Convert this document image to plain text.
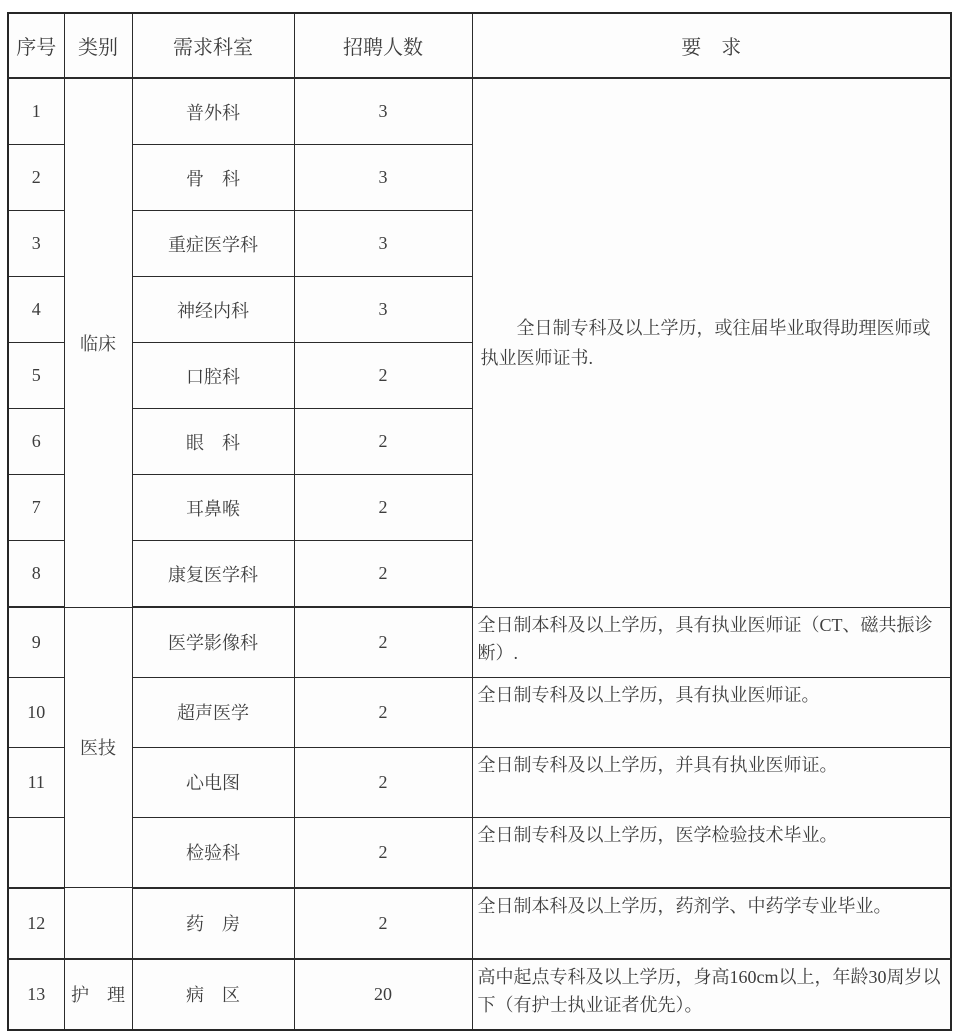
序号	类别	需求科室	招聘人数	要　求
1	临床	普外科	3	全日制专科及以上学历，或往届毕业取得助理医师或执业医师证书.

2		骨　科	3	
3		重症医学科	3	
4		神经内科	3	
5		口腔科	2	
6		眼　科	2	
7		耳鼻喉	2	
8		康复医学科	2	
9	医技	医学影像科	2	全日制本科及以上学历，具有执业医师证（CT、磁共振诊断）.
10		超声医学	2	全日制专科及以上学历，具有执业医师证。
11		心电图	2	全日制专科及以上学历，并具有执业医师证。
		检验科	2	全日制专科及以上学历，医学检验技术毕业。
12		药　房	2	全日制本科及以上学历，药剂学、中药学专业毕业。
13	护　理	病　区	20	高中起点专科及以上学历，身高160cm以上，年龄30周岁以下（有护士执业证者优先）。
